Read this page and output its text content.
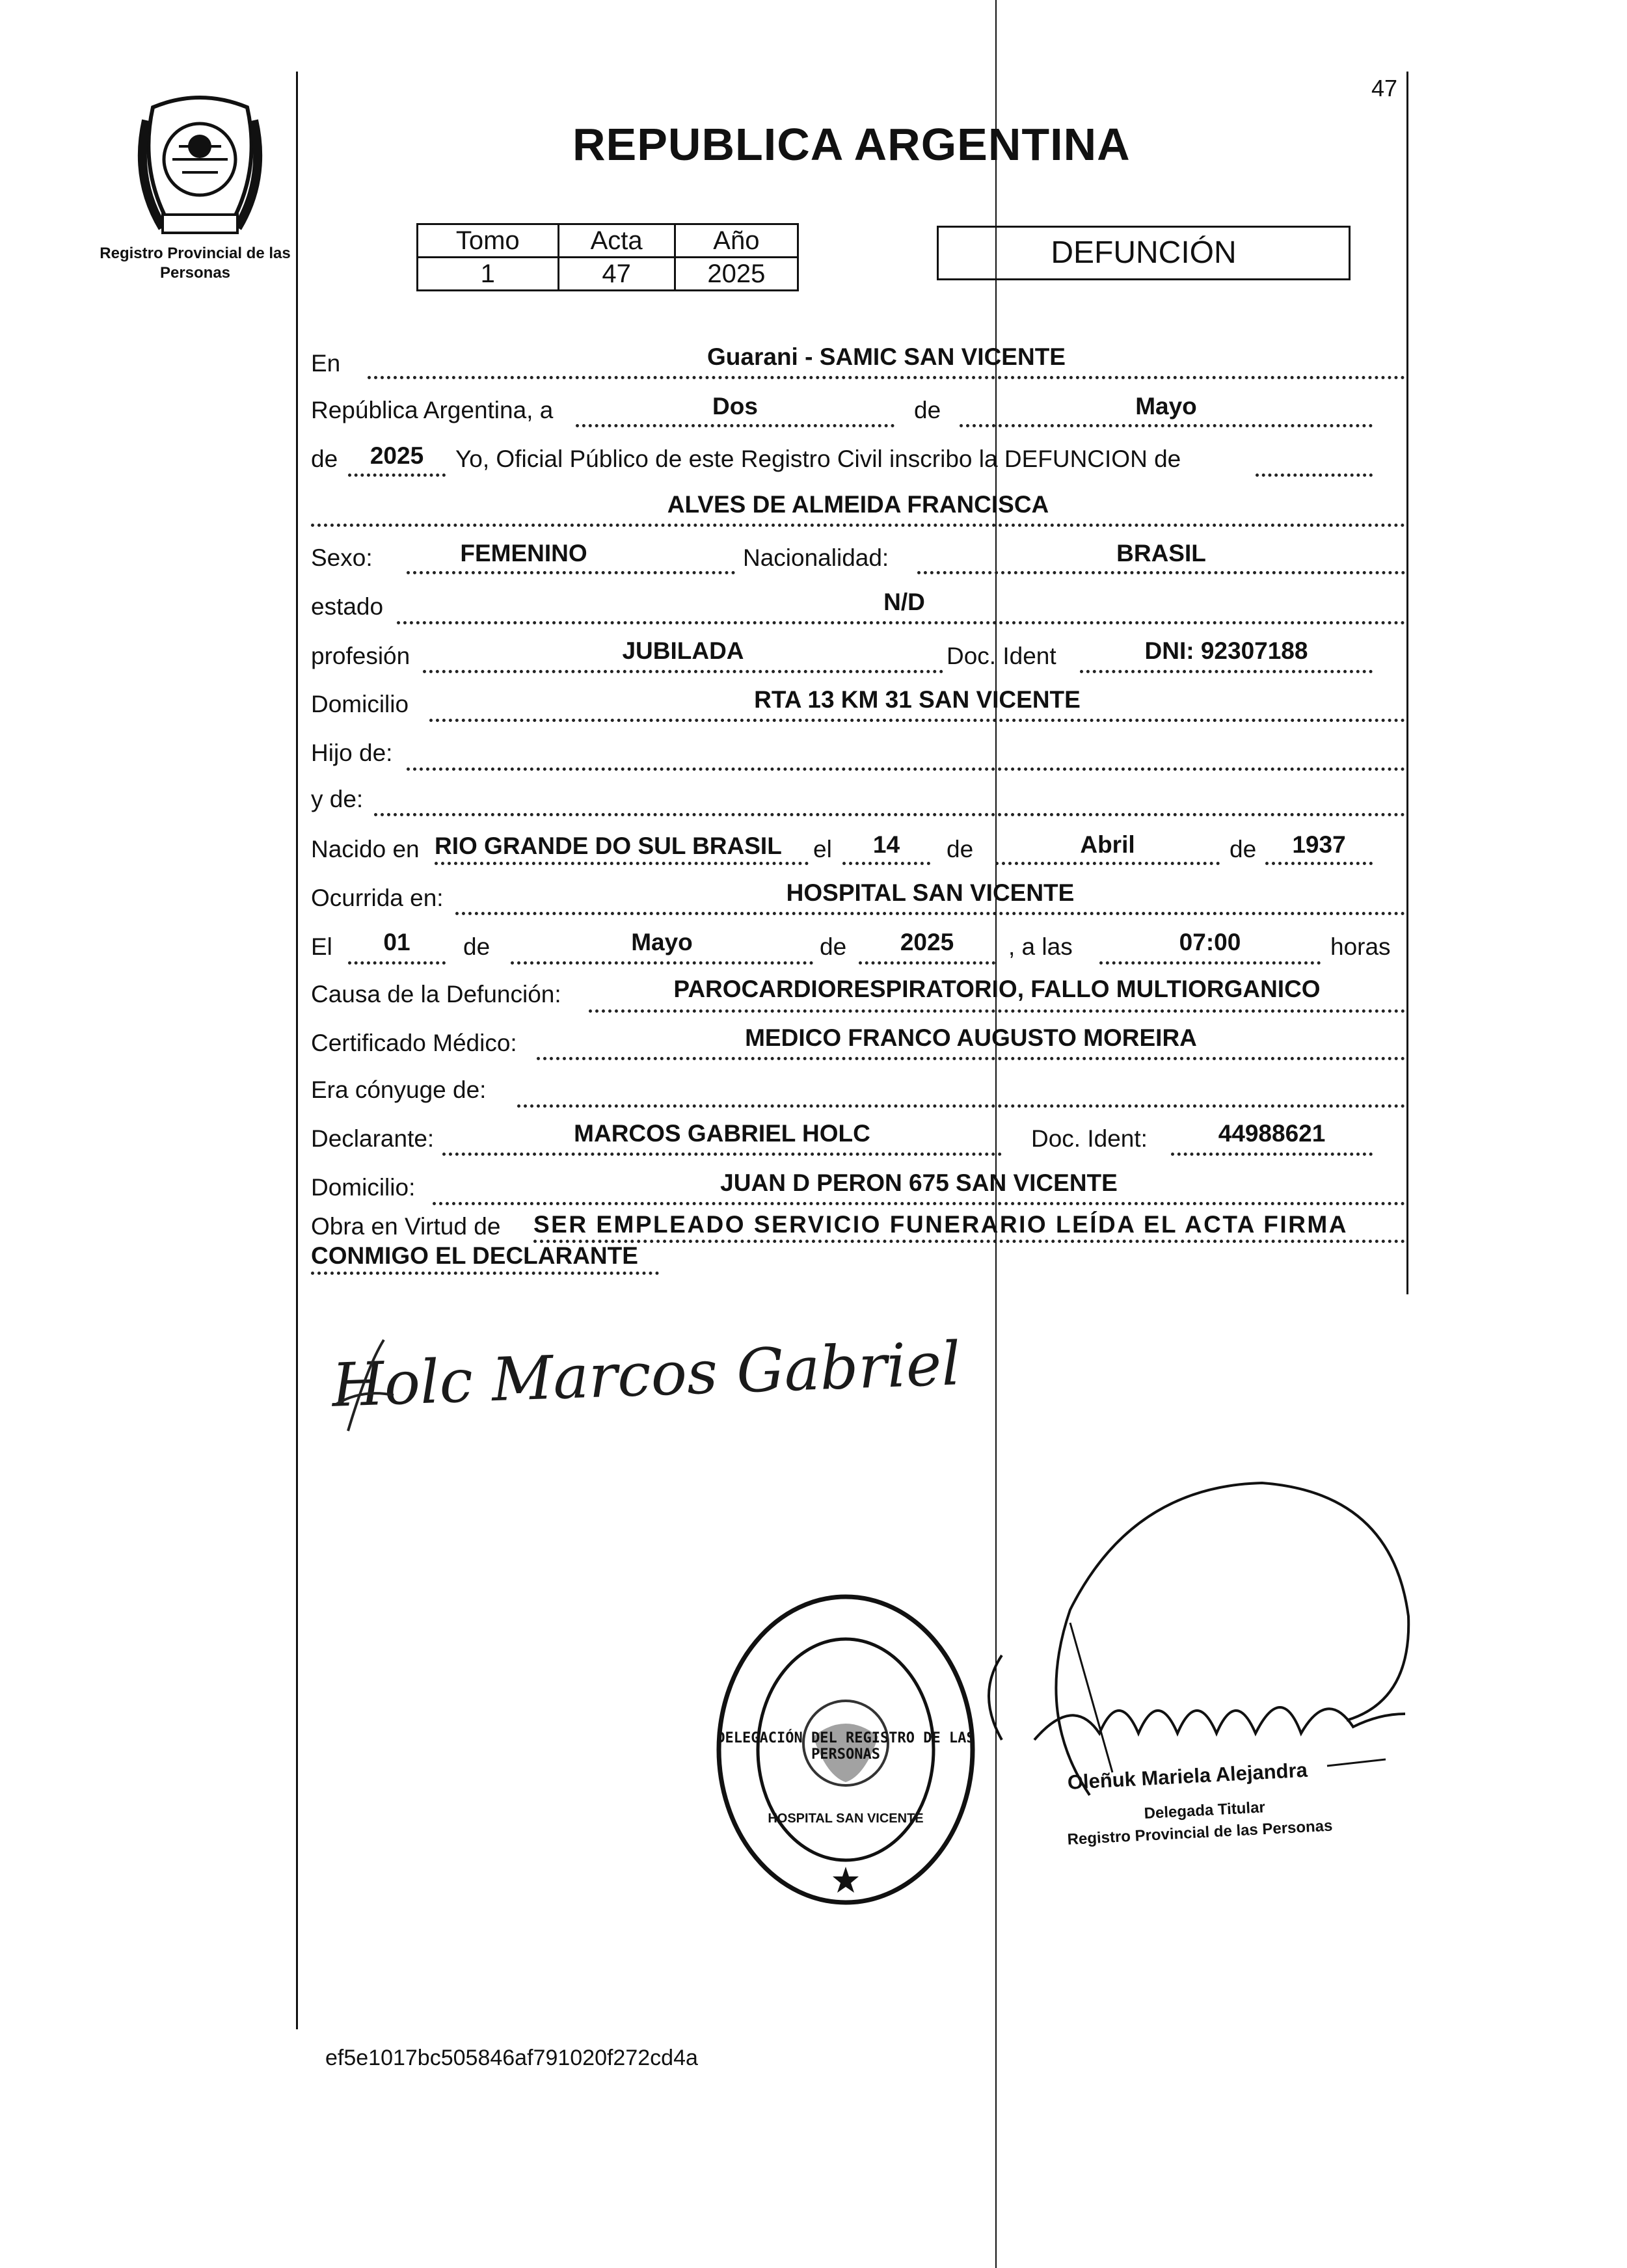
Registro Provincial de las Personas
47
REPUBLICA ARGENTINA
Tomo	Acta	Año
1	47	2025
DEFUNCIÓN
En	Guarani - SAMIC SAN VICENTE
República Argentina, a	Dos	de	Mayo
de	2025	Yo, Oficial Público de este Registro Civil inscribo la DEFUNCION de
ALVES DE ALMEIDA FRANCISCA
Sexo:	FEMENINO	Nacionalidad:	BRASIL
estado	N/D
profesión	JUBILADA	Doc. Ident	DNI: 92307188
Domicilio	RTA 13 KM 31 SAN VICENTE
Hijo de:
y de:
Nacido en RIO GRANDE DO SUL BRASIL el	14	de	Abril	de	1937
Ocurrida en:	HOSPITAL SAN VICENTE
El	01	de	Mayo	de	2025	, a las	07:00	horas
Causa de la Defunción:	PAROCARDIORESPIRATORIO, FALLO MULTIORGANICO
Certificado Médico:	MEDICO FRANCO AUGUSTO MOREIRA
Era cónyuge de:
Declarante:	MARCOS GABRIEL HOLC	Doc. Ident:	44988621
Domicilio:	JUAN D PERON 675 SAN VICENTE
Obra en Virtud de SER EMPLEADO SERVICIO FUNERARIO LEÍDA EL ACTA FIRMA
CONMIGO EL DECLARANTE
Holc Marcos Gabriel
DELEGACIÓN DEL REGISTRO DE LAS PERSONAS
HOSPITAL SAN VICENTE
Oleñuk Mariela Alejandra
Delegada Titular
Registro Provincial de las Personas
ef5e1017bc505846af791020f272cd4a
